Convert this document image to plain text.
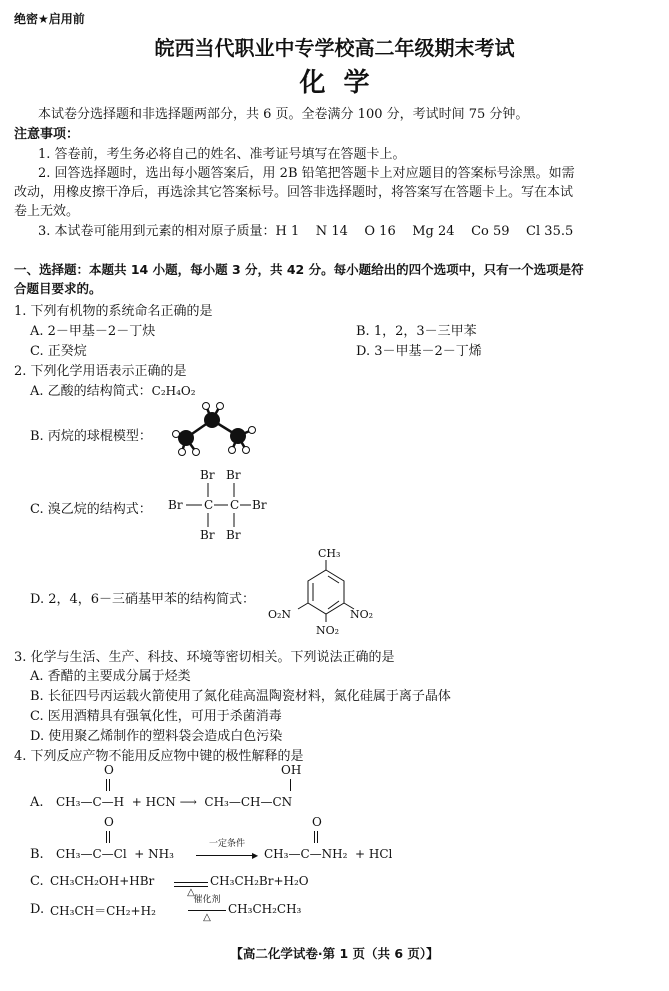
绝密★启用前
皖西当代职业中专学校高二年级期末考试
化  学
本试卷分选择题和非选择题两部分，共 6 页。全卷满分 100 分，考试时间 75 分钟。
注意事项：
1. 答卷前，考生务必将自己的姓名、准考证号填写在答题卡上。
2. 回答选择题时，选出每小题答案后，用 2B 铅笔把答题卡上对应题目的答案标号涂黑。如需
改动，用橡皮擦干净后，再选涂其它答案标号。回答非选择题时，将答案写在答题卡上。写在本试
卷上无效。
3. 本试卷可能用到元素的相对原子质量：H 1    N 14    O 16    Mg 24    Co 59    Cl 35.5
一、选择题：本题共 14 小题，每小题 3 分，共 42 分。每小题给出的四个选项中，只有一个选项是符
合题目要求的。
1. 下列有机物的系统命名正确的是
A. 2－甲基－2－丁炔	B. 1，2，3－三甲苯
C. 正癸烷	D. 3－甲基－2－丁烯
2. 下列化学用语表示正确的是
A. 乙酸的结构简式：C₂H₄O₂
B. 丙烷的球棍模型：
C. 溴乙烷的结构式：
Br Br
Br C C Br
Br Br
D. 2，4，6－三硝基甲苯的结构简式：
CH₃
O₂N	NO₂
NO₂
3. 化学与生活、生产、科技、环境等密切相关。下列说法正确的是
A. 香醋的主要成分属于烃类
B. 长征四号丙运载火箭使用了氮化硅高温陶瓷材料，氮化硅属于离子晶体
C. 医用酒精具有强氧化性，可用于杀菌消毒
D. 使用聚乙烯制作的塑料袋会造成白色污染
4. 下列反应产物不能用反应物中键的极性解释的是
O	OH
A. CH₃—C—H  + HCN ⟶  CH₃—CH—CN
O	O
B. CH₃—C—Cl  + NH₃
一定条件
▶ CH₃—C—NH₂  + HCl
C. CH₃CH₂OH+HBr
△
CH₃CH₂Br+H₂O
D. CH₃CH＝CH₂+H₂
催化剂
△
CH₃CH₂CH₃
【高二化学试卷·第 1 页（共 6 页）】
